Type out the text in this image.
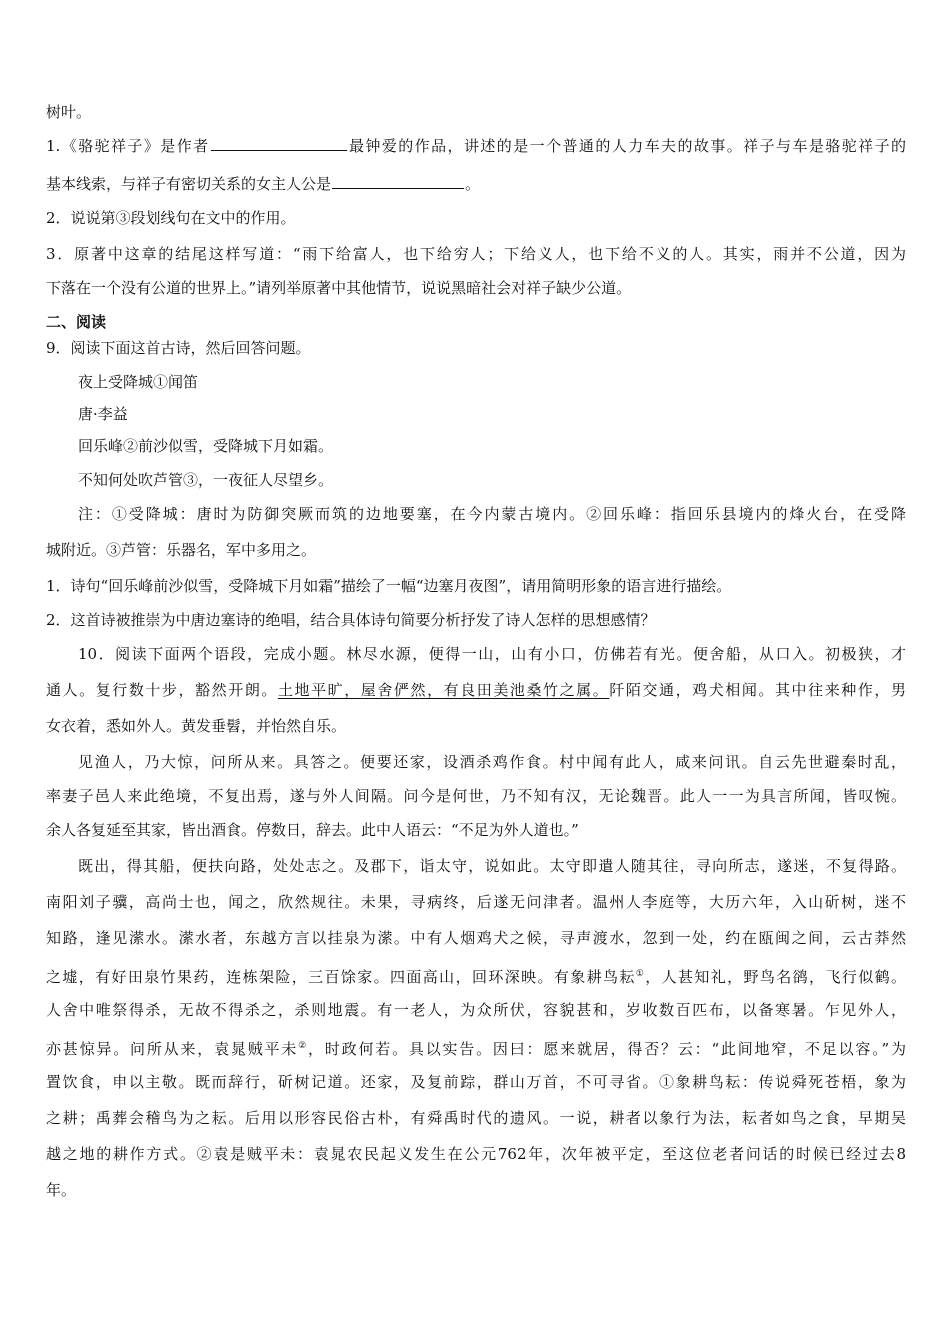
树叶。
1.《骆驼祥子》是作者	最钟爱的作品，讲述的是一个普通的人力车夫的故事。祥子与车是骆驼祥子的
基本线索，与祥子有密切关系的女主人公是	。
2．说说第③段划线句在文中的作用。
3．原著中这章的结尾这样写道：“雨下给富人，也下给穷人；下给义人，也下给不义的人。其实，雨并不公道，因为
下落在一个没有公道的世界上。”请列举原著中其他情节，说说黑暗社会对祥子缺少公道。
二、阅读
9．阅读下面这首古诗，然后回答问题。
夜上受降城①闻笛
唐·李益
回乐峰②前沙似雪，受降城下月如霜。
不知何处吹芦管③，一夜征人尽望乡。
注：①受降城：唐时为防御突厥而筑的边地要塞，在今内蒙古境内。②回乐峰：指回乐县境内的烽火台，在受降
城附近。③芦管：乐器名，军中多用之。
1．诗句“回乐峰前沙似雪，受降城下月如霜”描绘了一幅“边塞月夜图”，请用简明形象的语言进行描绘。
2．这首诗被推崇为中唐边塞诗的绝唱，结合具体诗句简要分析抒发了诗人怎样的思想感情？
10．阅读下面两个语段，完成小题。林尽水源，便得一山，山有小口，仿佛若有光。便舍船，从口入。初极狭，才
通人。复行数十步，豁然开朗。土地平旷，屋舍俨然，有良田美池桑竹之属。阡陌交通，鸡犬相闻。其中往来种作，男
女衣着，悉如外人。黄发垂髫，并怡然自乐。
见渔人，乃大惊，问所从来。具答之。便要还家，设酒杀鸡作食。村中闻有此人，咸来问讯。自云先世避秦时乱，
率妻子邑人来此绝境，不复出焉，遂与外人间隔。问今是何世，乃不知有汉，无论魏晋。此人一一为具言所闻，皆叹惋。
余人各复延至其家，皆出酒食。停数日，辞去。此中人语云：“不足为外人道也。”
既出，得其船，便扶向路，处处志之。及郡下，诣太守，说如此。太守即遣人随其往，寻向所志，遂迷，不复得路。
南阳刘子骥，高尚士也，闻之，欣然规往。未果，寻病终，后遂无问津者。温州人李庭等，大历六年，入山斫树，迷不
知路，逢见潆水。潆水者，东越方言以挂泉为潆。中有人烟鸡犬之候，寻声渡水，忽到一处，约在瓯闽之间，云古莽然
之墟，有好田泉竹果药，连栋架险，三百馀家。四面高山，回环深映。有象耕鸟耘①，人甚知礼，野鸟名鹆，飞行似鹤。
人舍中唯祭得杀，无故不得杀之，杀则地震。有一老人，为众所伏，容貌甚和，岁收数百匹布，以备寒暑。乍见外人，
亦甚惊异。问所从来，袁晁贼平未②，时政何若。具以实告。因曰：愿来就居，得否？云：“此间地窄，不足以容。”为
置饮食，申以主敬。既而辞行，斫树记道。还家，及复前踪，群山万首，不可寻省。①象耕鸟耘：传说舜死苍梧，象为
之耕；禹葬会稽鸟为之耘。后用以形容民俗古朴，有舜禹时代的遗风。一说，耕者以象行为法，耘者如鸟之食，早期吴
越之地的耕作方式。②袁是贼平未：袁晁农民起义发生在公元762年，次年被平定，至这位老者问话的时候已经过去8
年。
